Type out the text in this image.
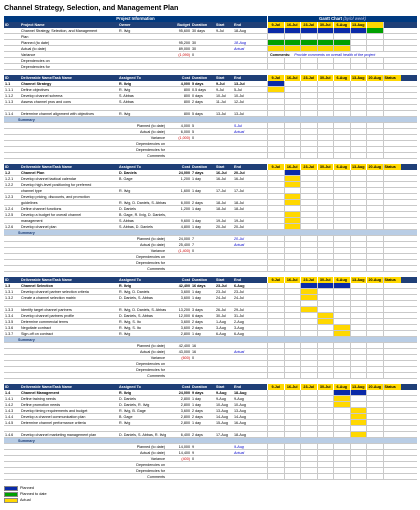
Channel Strategy, Selection, and Management Plan
Project Information	Gantt Chart (by/of week)
ID	Project Name	Owner	Budget Duration	Start	End	9-Jul	16-Jul	23-Jul	30-Jul	6-Aug	13-Aug
Channel Strategy, Selection, and Management	R. Ilvig	95,600 30 days	9-Jul	18-Aug
Plan
Planned (to date)	95,200 30	18-Aug
Actual (to date)	89,000 30	Actual
Variance	(1,090) 0	Comments: Provide comments on overall health of the project
Dependencies on
Dependencies for
ID	Deliverable Name/Task Name	Assigned To	Cost Duration	Start	End	9-Jul	16-Jul	23-Jul	30-Jul	6-Aug	13-Aug	20-Aug Status
1.1	Channel Strategy	R. Ilvig	4,000 5 days	9-Jul	13-Jul
1.1.1	Define objectives	R. Ilvig	800 0.5 days	9-Jul	5-Jul
1.1.2	Develop channel schema	S. Abbas	800 0 days	10-Jul	10-Jul
1.1.3	Assess channel pros and cons	S. Abbas	800 2 days	11-Jul	12-Jul
1.1.4	Determine channel alignment with objectives	R. Ilvig	800 5 days	13-Jul	13-Jul
Summary
Planned (to date)	4,000 5	5-Jul
Actual (to date)	6,000 5	Actual
Variance	(1,000) 0
Dependencies on
Dependencies for
Comments
ID	Deliverable Name/Task Name	Assigned To	Cost Duration	Start	End	9-Jul	16-Jul	23-Jul	30-Jul	6-Aug	13-Aug	20-Aug Status
1.2	Channel Plan	D. Daniels	24,000 7 days	16-Jul	20-Jul
1.2.1	Develop channel tactical calendar	B. Gage	1,200 1 day	16-Jul	16-Jul
1.2.2	Develop high-level positioning for preferred
channel type	R. Ilvig	1,600 1 day	17-Jul	17-Jul
1.2.3	Develop pricing, discounts, and promotion
guidelines	R. Ilvig, D. Daniels, S. Abbas	6,000 2 days	18-Jul	18-Jul
1.2.4	Define channel functions	D. Daniels	1,200 1 day	18-Jul	18-Jul
1.2.5	Develop a budget for overall channel	B. Gage, R. Ilvig, D. Daniels,
management	S. Abbas	9,600 1 day	19-Jul	19-Jul
1.2.6	Develop channel plan	S. Abbas, D. Daniels	4,800 1 day	20-Jul	20-Jul
Summary
Planned (to date)	24,000 7	20-Jul
Actual (to date)	25,400 7	Actual
Variance	(1,400) 0
Dependencies on
Dependencies for
Comments
ID	Deliverable Name/Task Name	Assigned To	Cost Duration	Start	End	9-Jul	16-Jul	23-Jul	30-Jul	6-Aug	13-Aug	20-Aug Status
1.3	Channel Selection	R. Ilvig	42,400 16 days	23-Jul	6-Aug
1.3.1	Develop channel partner selection criteria	R. Ilvig, D. Daniels	3,600 1 day	23-Jul	23-Jul
1.3.2	Create a channel selection matrix	D. Daniels, S. Abbas	3,600 1 day	24-Jul	24-Jul
1.3.3	Identify target channel partners	R. Ilvig, D. Daniels, S. Abbas	13,200 3 days	26-Jul	29-Jul
1.3.4	Develop channel partners profile	D. Daniels, S. Abbas	12,000 6 days	30-Jul	31-Jul
1.3.5	Determine commercial terms	R. Ilvig, S. Ito	3,600 2 days	1-Aug	2-Aug
1.3.6	Negotiate contract	R. Ilvig, S. Ito	3,600 2 days	3-Aug	3-Aug
1.3.7	Sign-off on contract	R. Ilvig	2,800 1 day	6-Aug	6-Aug
Summary
Planned (to date)	42,400 16
Actual (to date)	43,000 16	Actual
Variance	(600) 0
Dependencies on
Dependencies for
Comments
ID	Deliverable Name/Task Name	Assigned To	Cost Duration	Start	End	9-Jul	16-Jul	23-Jul	30-Jul	6-Aug	13-Aug	20-Aug Status
1.4	Channel Management	R. Ilvig	24,000 9 days	9-Aug	18-Aug
1.4.1	Define training needs	D. Daniels	2,800 1 day	9-Aug	9-Aug
1.4.2	Define promotion needs	D. Daniels, R. Ilvig	2,800 1 day	10-Aug	10-Aug
1.4.3	Develop timing requirements and budget	R. Ilvig, B. Gage	3,600 2 days	13-Aug	13-Aug
1.4.4	Develop a channel communication plan	B. Gage	2,800 2 days	14-Aug	14-Aug
1.4.5	Determine channel performance criteria	R. Ilvig	2,800 1 day	15-Aug	16-Aug
1.4.6	Develop channel marketing management plan	D. Daniels, S. Abbas, R. Ilvig	6,400 2 days	17-Aug	18-Aug
Summary
Planned (to date)	14,000 9	9-Aug
Actual (to date)	14,400 9	Actual
Variance	(400) 0
Dependencies on
Dependencies for
Comments
Planned
Planned to date
Actual
